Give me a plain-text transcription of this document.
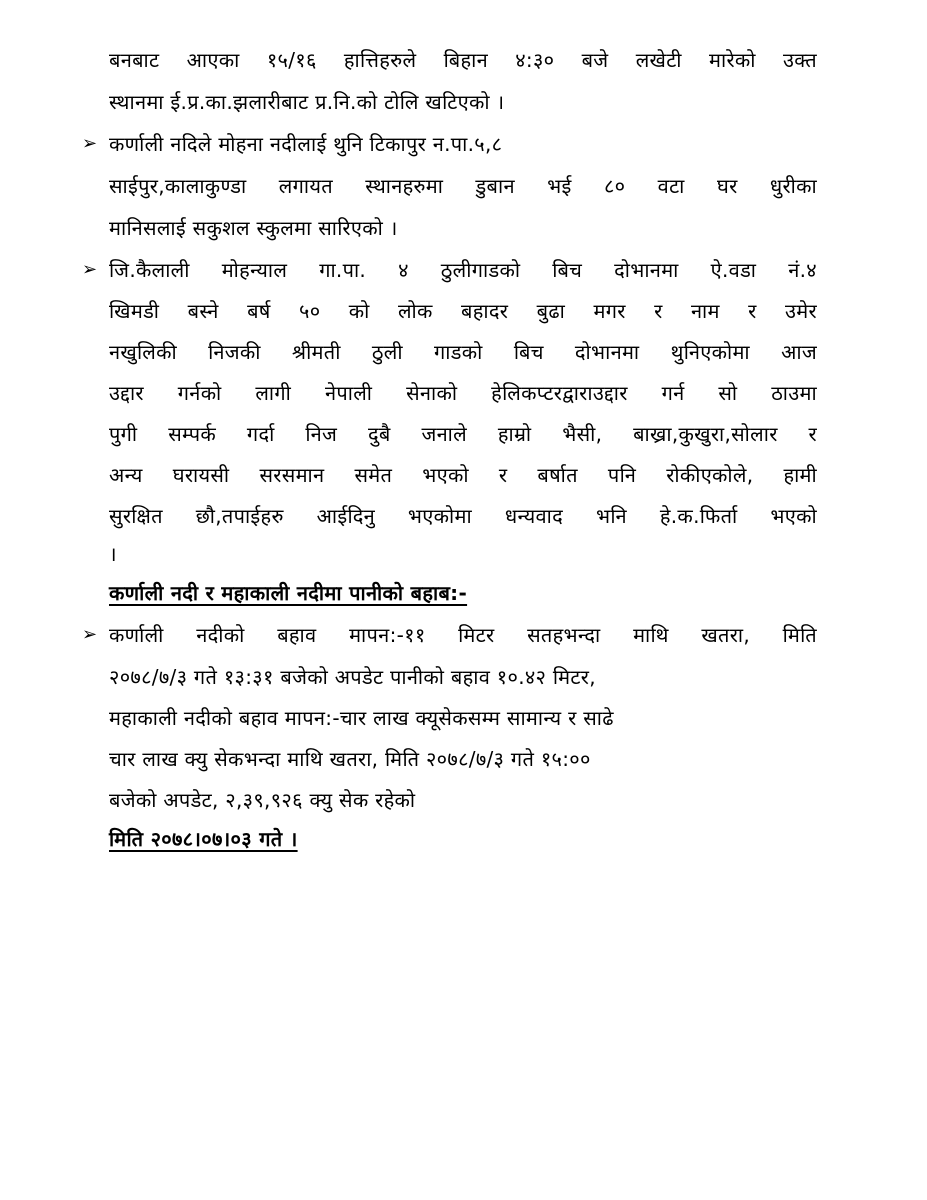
बनबाट आएका १५/१६ हात्तिहरुले बिहान ४:३० बजे लखेटी मारेको उक्त
स्थानमा ई.प्र.का.झलारीबाट प्र.नि.को टोलि खटिएको ।
➢ कर्णाली नदिले मोहना नदीलाई थुनि टिकापुर न.पा.५,८
साईपुर,कालाकुण्डा लगायत स्थानहरुमा डुबान भई ८० वटा घर धुरीका
मानिसलाई सकुशल स्कुलमा सारिएको ।
➢ जि.कैलाली मोहन्याल गा.पा. ४ ठुलीगाडको बिच दोभानमा ऐ.वडा नं.४
खिमडी बस्ने बर्ष ५० को लोक बहादर बुढा मगर र नाम र उमेर
नखुलिकी निजकी श्रीमती ठुली गाडको बिच दोभानमा थुनिएकोमा आज
उद्दार गर्नको लागी नेपाली सेनाको हेलिकप्टरद्वाराउद्दार गर्न सो ठाउमा
पुगी सम्पर्क गर्दा निज दुबै जनाले हाम्रो भैसी, बाख्रा,कुखुरा,सोलार र
अन्य घरायसी सरसमान समेत भएको र बर्षात पनि रोकीएकोले, हामी
सुरक्षित छौ,तपाईहरु आईदिनु भएकोमा धन्यवाद भनि हे.क.फिर्ता भएको
।
कर्णाली नदी र महाकाली नदीमा पानीको बहाब:-
➢ कर्णाली नदीको बहाव मापन:-११ मिटर सतहभन्दा माथि खतरा, मिति
२०७८/७/३ गते १३:३१ बजेको अपडेट पानीको बहाव १०.४२ मिटर,
महाकाली नदीको बहाव मापन:-चार लाख क्यूसेकसम्म सामान्य र साढे
चार लाख क्यु सेकभन्दा माथि खतरा, मिति २०७८/७/३ गते १५:००
बजेको अपडेट, २,३९,९२६ क्यु सेक रहेको
मिति २०७८।०७।०३ गते ।
